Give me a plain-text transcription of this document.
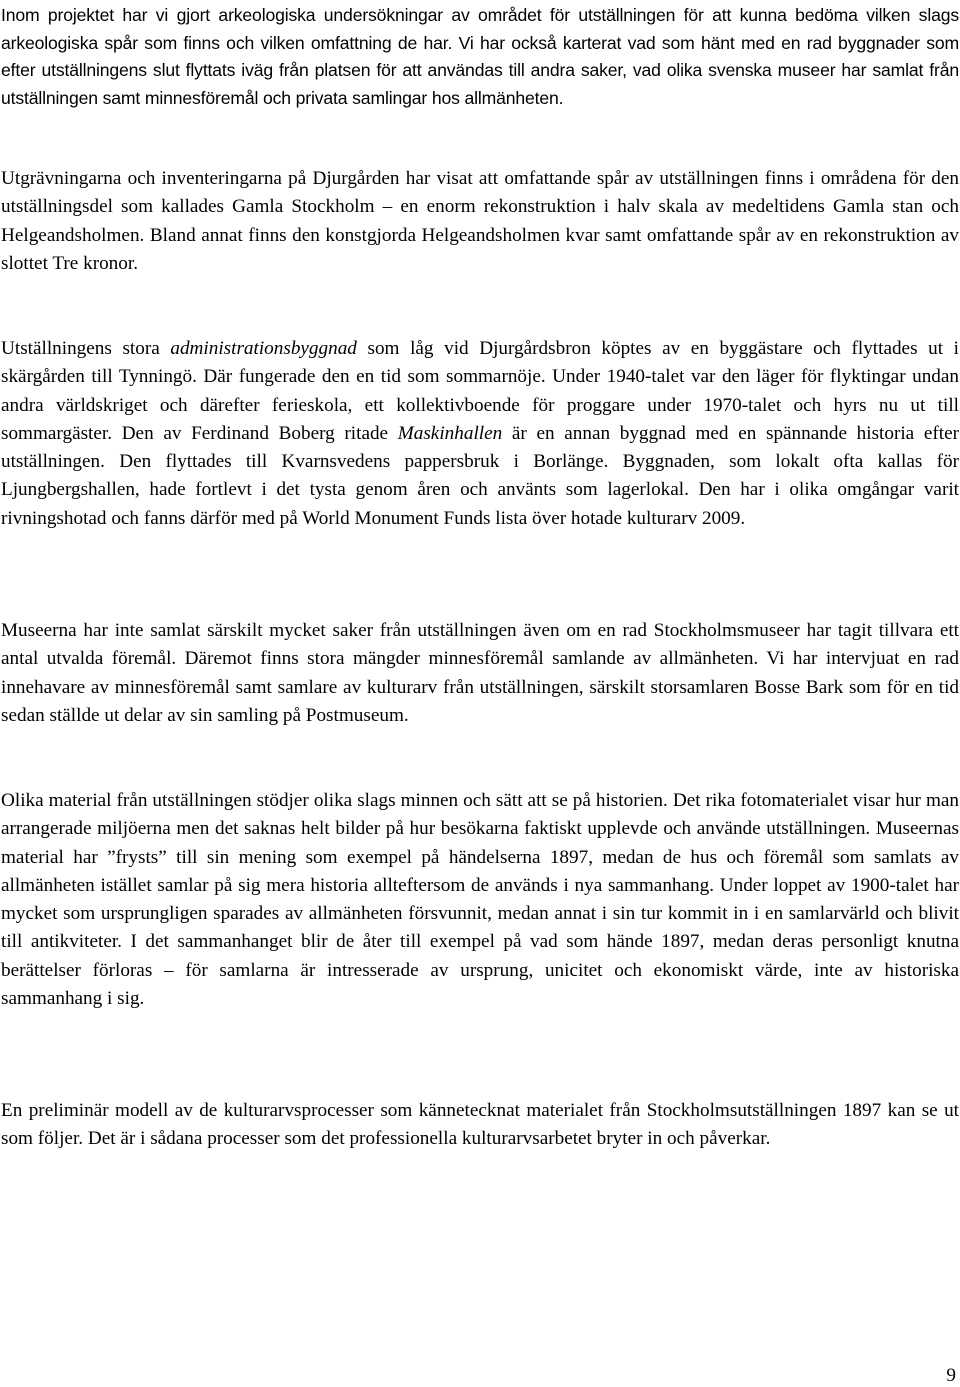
Inom projektet har vi gjort arkeologiska undersökningar av området för utställningen för att kunna bedöma vilken slags arkeologiska spår som finns och vilken omfattning de har. Vi har också karterat vad som hänt med en rad byggnader som efter utställningens slut flyttats iväg från platsen för att användas till andra saker, vad olika svenska museer har samlat från utställningen samt minnesföremål och privata samlingar hos allmänheten.

Utgrävningarna och inventeringarna på Djurgården har visat att omfattande spår av utställningen finns i områdena för den utställningsdel som kallades Gamla Stockholm – en enorm rekonstruktion i halv skala av medeltidens Gamla stan och Helgeandsholmen. Bland annat finns den konstgjorda Helgeandsholmen kvar samt omfattande spår av en rekonstruktion av slottet Tre kronor.

Utställningens stora administrationsbyggnad som låg vid Djurgårdsbron köptes av en byggästare och flyttades ut i skärgården till Tynningö. Där fungerade den en tid som sommarnöje. Under 1940-talet var den läger för flyktingar undan andra världskriget och därefter ferieskola, ett kollektivboende för proggare under 1970-talet och hyrs nu ut till sommargäster. Den av Ferdinand Boberg ritade Maskinhallen är en annan byggnad med en spännande historia efter utställningen. Den flyttades till Kvarnsvedens pappersbruk i Borlänge. Byggnaden, som lokalt ofta kallas för Ljungbergshallen, hade fortlevt i det tysta genom åren och använts som lagerlokal. Den har i olika omgångar varit rivningshotad och fanns därför med på World Monument Funds lista över hotade kulturarv 2009.

Museerna har inte samlat särskilt mycket saker från utställningen även om en rad Stockholmsmuseer har tagit tillvara ett antal utvalda föremål. Däremot finns stora mängder minnesföremål samlande av allmänheten. Vi har intervjuat en rad innehavare av minnesföremål samt samlare av kulturarv från utställningen, särskilt storsamlaren Bosse Bark som för en tid sedan ställde ut delar av sin samling på Postmuseum.

Olika material från utställningen stödjer olika slags minnen och sätt att se på historien. Det rika fotomaterialet visar hur man arrangerade miljöerna men det saknas helt bilder på hur besökarna faktiskt upplevde och använde utställningen. Museernas material har ”frysts” till sin mening som exempel på händelserna 1897, medan de hus och föremål som samlats av allmänheten istället samlar på sig mera historia allteftersom de används i nya sammanhang. Under loppet av 1900-talet har mycket som ursprungligen sparades av allmänheten försvunnit, medan annat i sin tur kommit in i en samlarvärld och blivit till antikviteter. I det sammanhanget blir de åter till exempel på vad som hände 1897, medan deras personligt knutna berättelser förloras – för samlarna är intresserade av ursprung, unicitet och ekonomiskt värde, inte av historiska sammanhang i sig.

En preliminär modell av de kulturarvsprocesser som kännetecknat materialet från Stockholmsutställningen 1897 kan se ut som följer. Det är i sådana processer som det professionella kulturarvsarbetet bryter in och påverkar.

9
